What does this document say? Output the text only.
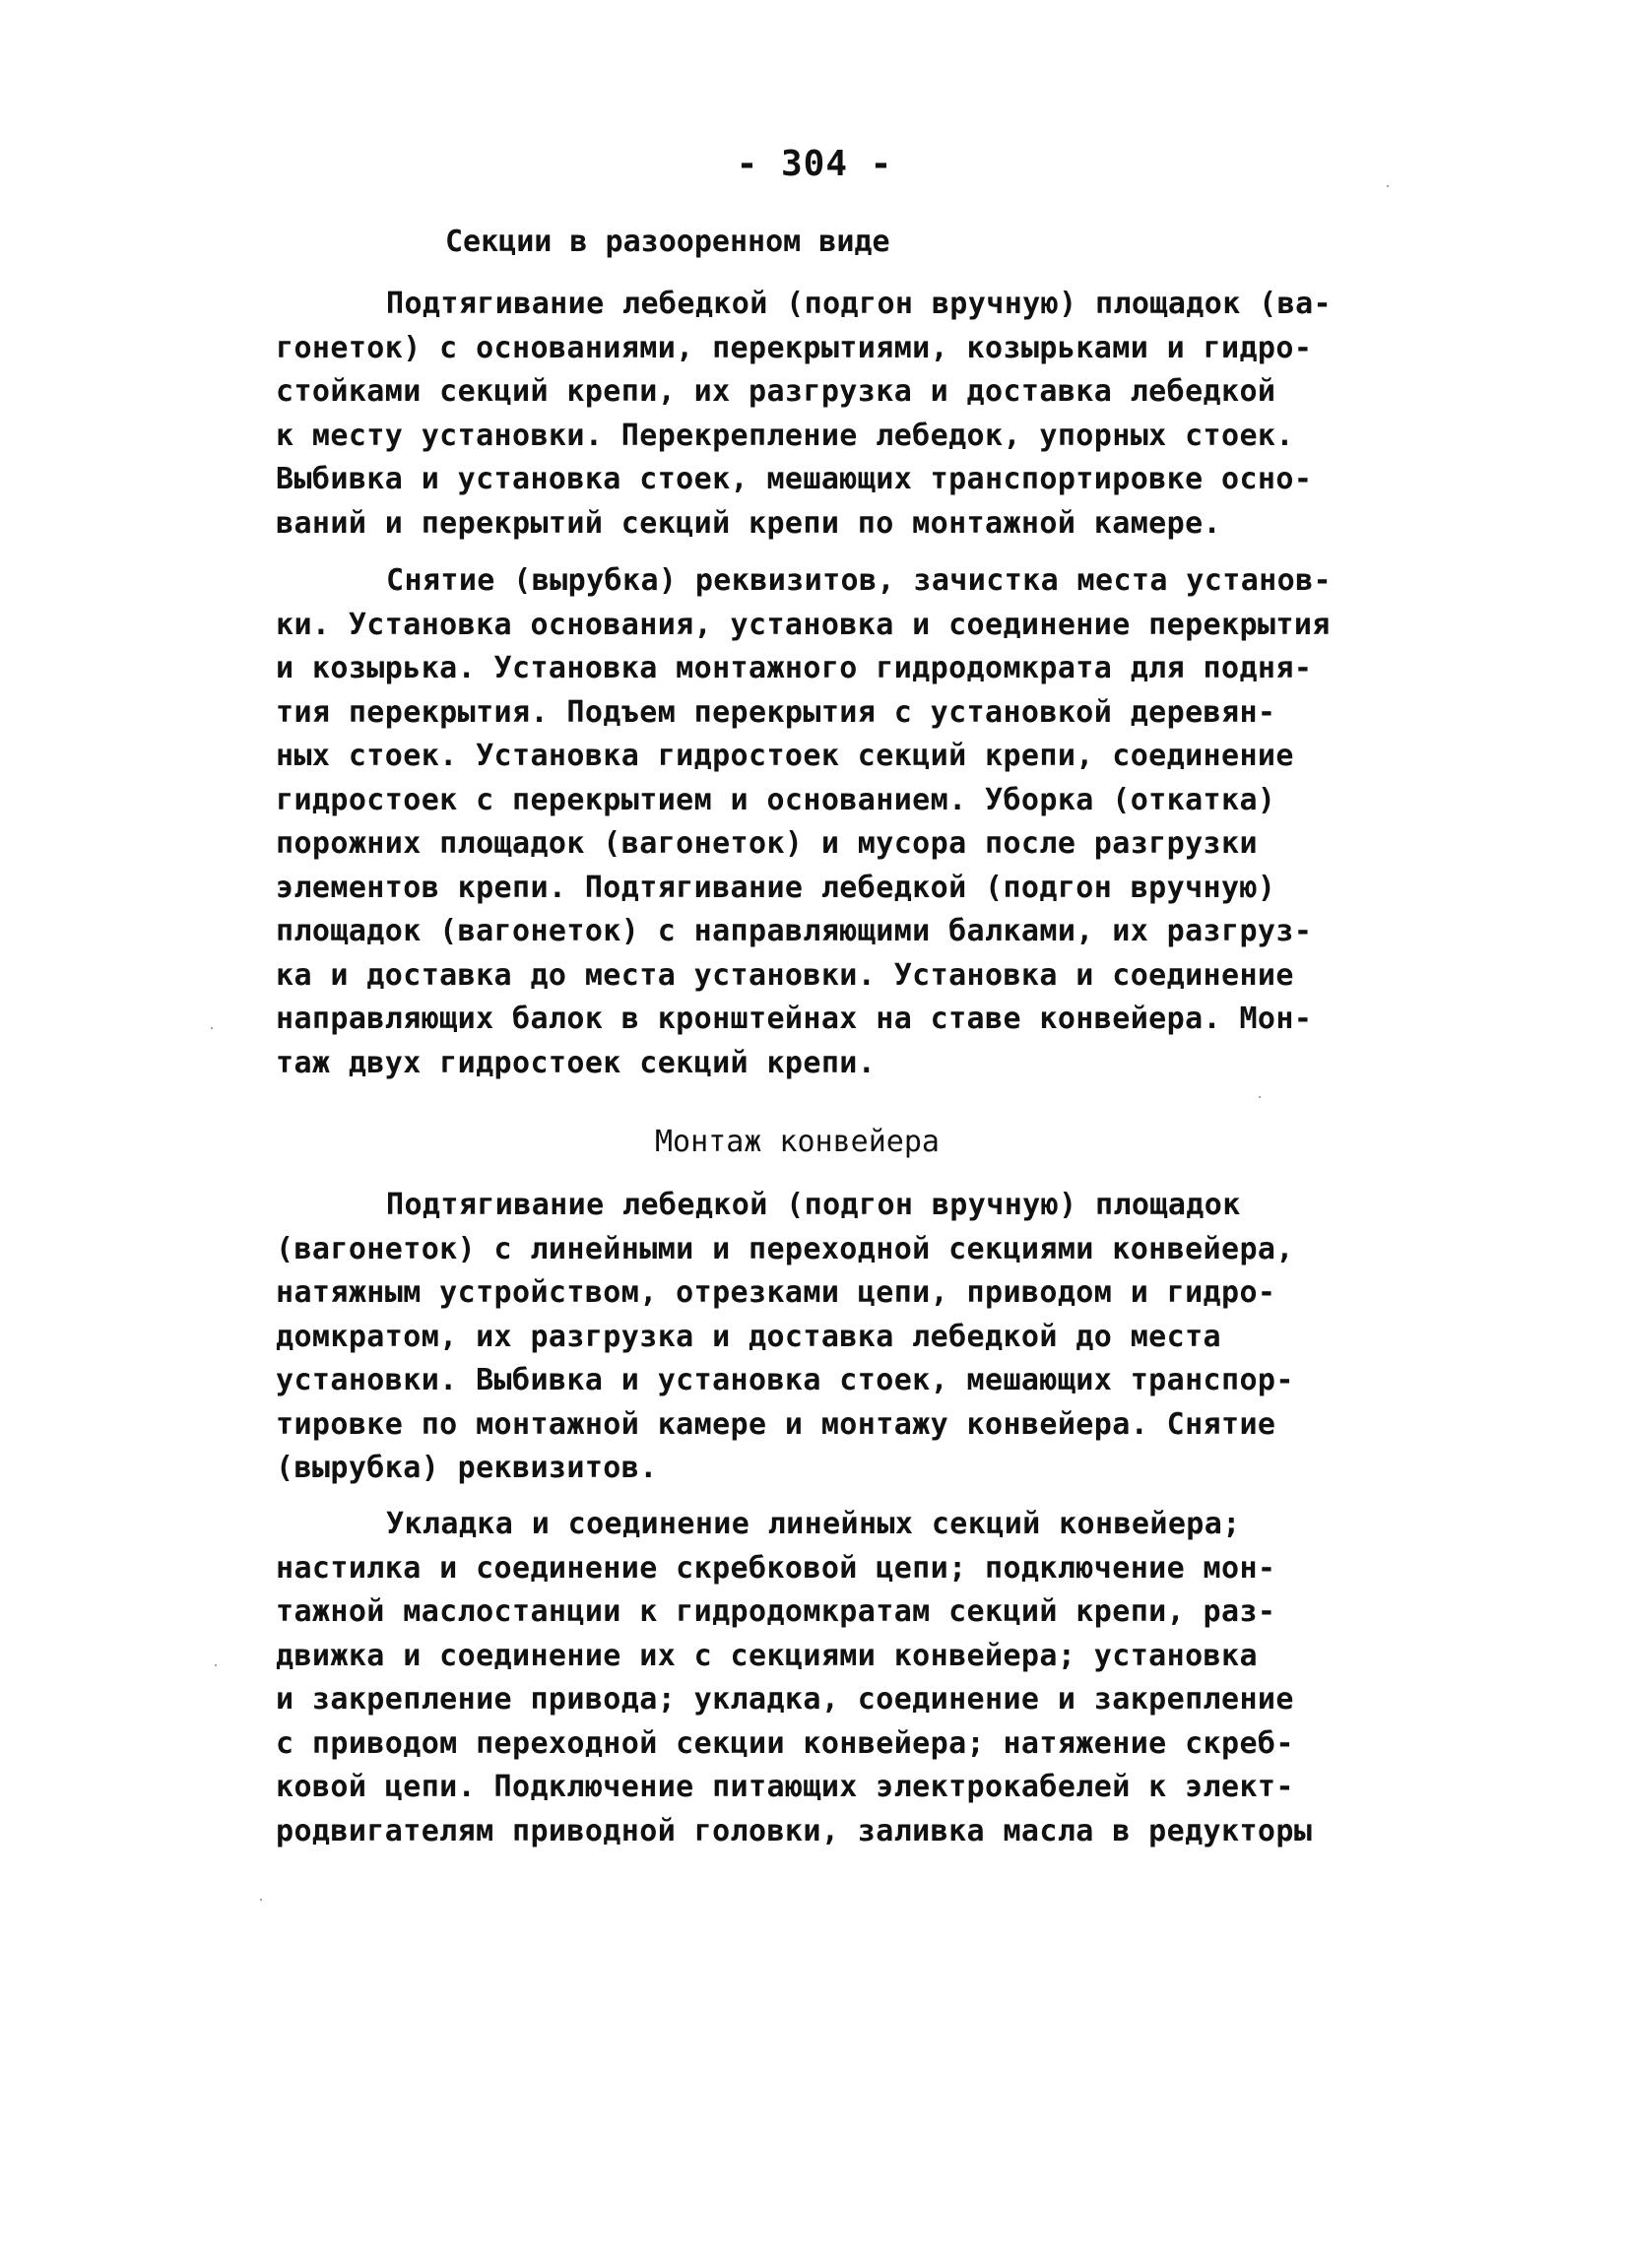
- 304 -
Секции в разооренном виде
Подтягивание лебедкой (подгон вручную) площадок (ва-
гонеток) с основаниями, перекрытиями, козырьками и гидро-
стойками секций крепи, их разгрузка и доставка лебедкой
к месту установки. Перекрепление лебедок, упорных стоек.
Выбивка и установка стоек, мешающих транспортировке осно-
ваний и перекрытий секций крепи по монтажной камере.
Снятие (вырубка) реквизитов, зачистка места установ-
ки. Установка основания, установка и соединение перекрытия
и козырька. Установка монтажного гидродомкрата для подня-
тия перекрытия. Подъем перекрытия с установкой деревян-
ных стоек. Установка гидростоек секций крепи, соединение
гидростоек с перекрытием и основанием. Уборка (откатка)
порожних площадок (вагонеток) и мусора после разгрузки
элементов крепи. Подтягивание лебедкой (подгон вручную)
площадок (вагонеток) с направляющими балками, их разгруз-
ка и доставка до места установки. Установка и соединение
направляющих балок в кронштейнах на ставе конвейера. Мон-
таж двух гидростоек секций крепи.
Монтаж конвейера
Подтягивание лебедкой (подгон вручную) площадок
(вагонеток) с линейными и переходной секциями конвейера,
натяжным устройством, отрезками цепи, приводом и гидро-
домкратом, их разгрузка и доставка лебедкой до места
установки. Выбивка и установка стоек, мешающих транспор-
тировке по монтажной камере и монтажу конвейера. Снятие
(вырубка) реквизитов.
Укладка и соединение линейных секций конвейера;
настилка и соединение скребковой цепи; подключение мон-
тажной маслостанции к гидродомкратам секций крепи, раз-
движка и соединение их с секциями конвейера; установка
и закрепление привода; укладка, соединение и закрепление
с приводом переходной секции конвейера; натяжение скреб-
ковой цепи. Подключение питающих электрокабелей к элект-
родвигателям приводной головки, заливка масла в редукторы
